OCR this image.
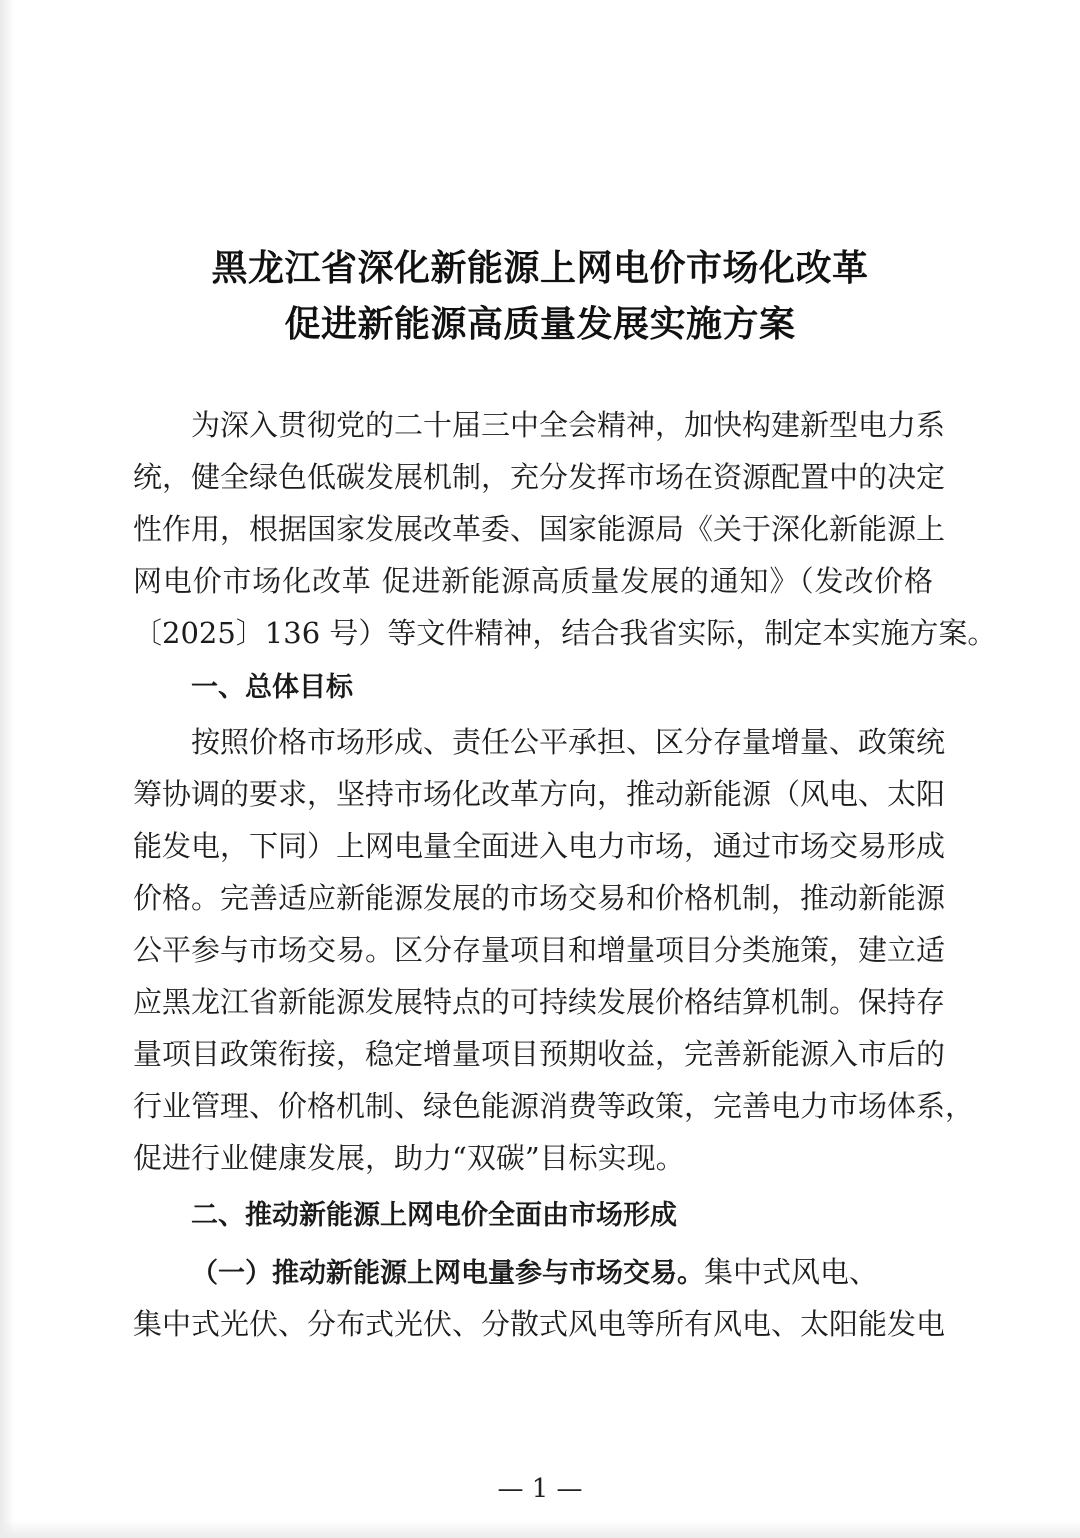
黑龙江省深化新能源上网电价市场化改革
促进新能源高质量发展实施方案
为深入贯彻党的二十届三中全会精神，加快构建新型电力系
统，健全绿色低碳发展机制，充分发挥市场在资源配置中的决定
性作用，根据国家发展改革委、国家能源局《关于深化新能源上
网电价市场化改革 促进新能源高质量发展的通知》（发改价格
〔2025〕136 号）等文件精神，结合我省实际，制定本实施方案。
一、总体目标
按照价格市场形成、责任公平承担、区分存量增量、政策统
筹协调的要求，坚持市场化改革方向，推动新能源（风电、太阳
能发电，下同）上网电量全面进入电力市场，通过市场交易形成
价格。完善适应新能源发展的市场交易和价格机制，推动新能源
公平参与市场交易。区分存量项目和增量项目分类施策，建立适
应黑龙江省新能源发展特点的可持续发展价格结算机制。保持存
量项目政策衔接，稳定增量项目预期收益，完善新能源入市后的
行业管理、价格机制、绿色能源消费等政策，完善电力市场体系，
促进行业健康发展，助力“双碳”目标实现。
二、推动新能源上网电价全面由市场形成
（一）推动新能源上网电量参与市场交易。集中式风电、
集中式光伏、分布式光伏、分散式风电等所有风电、太阳能发电
— 1 —
